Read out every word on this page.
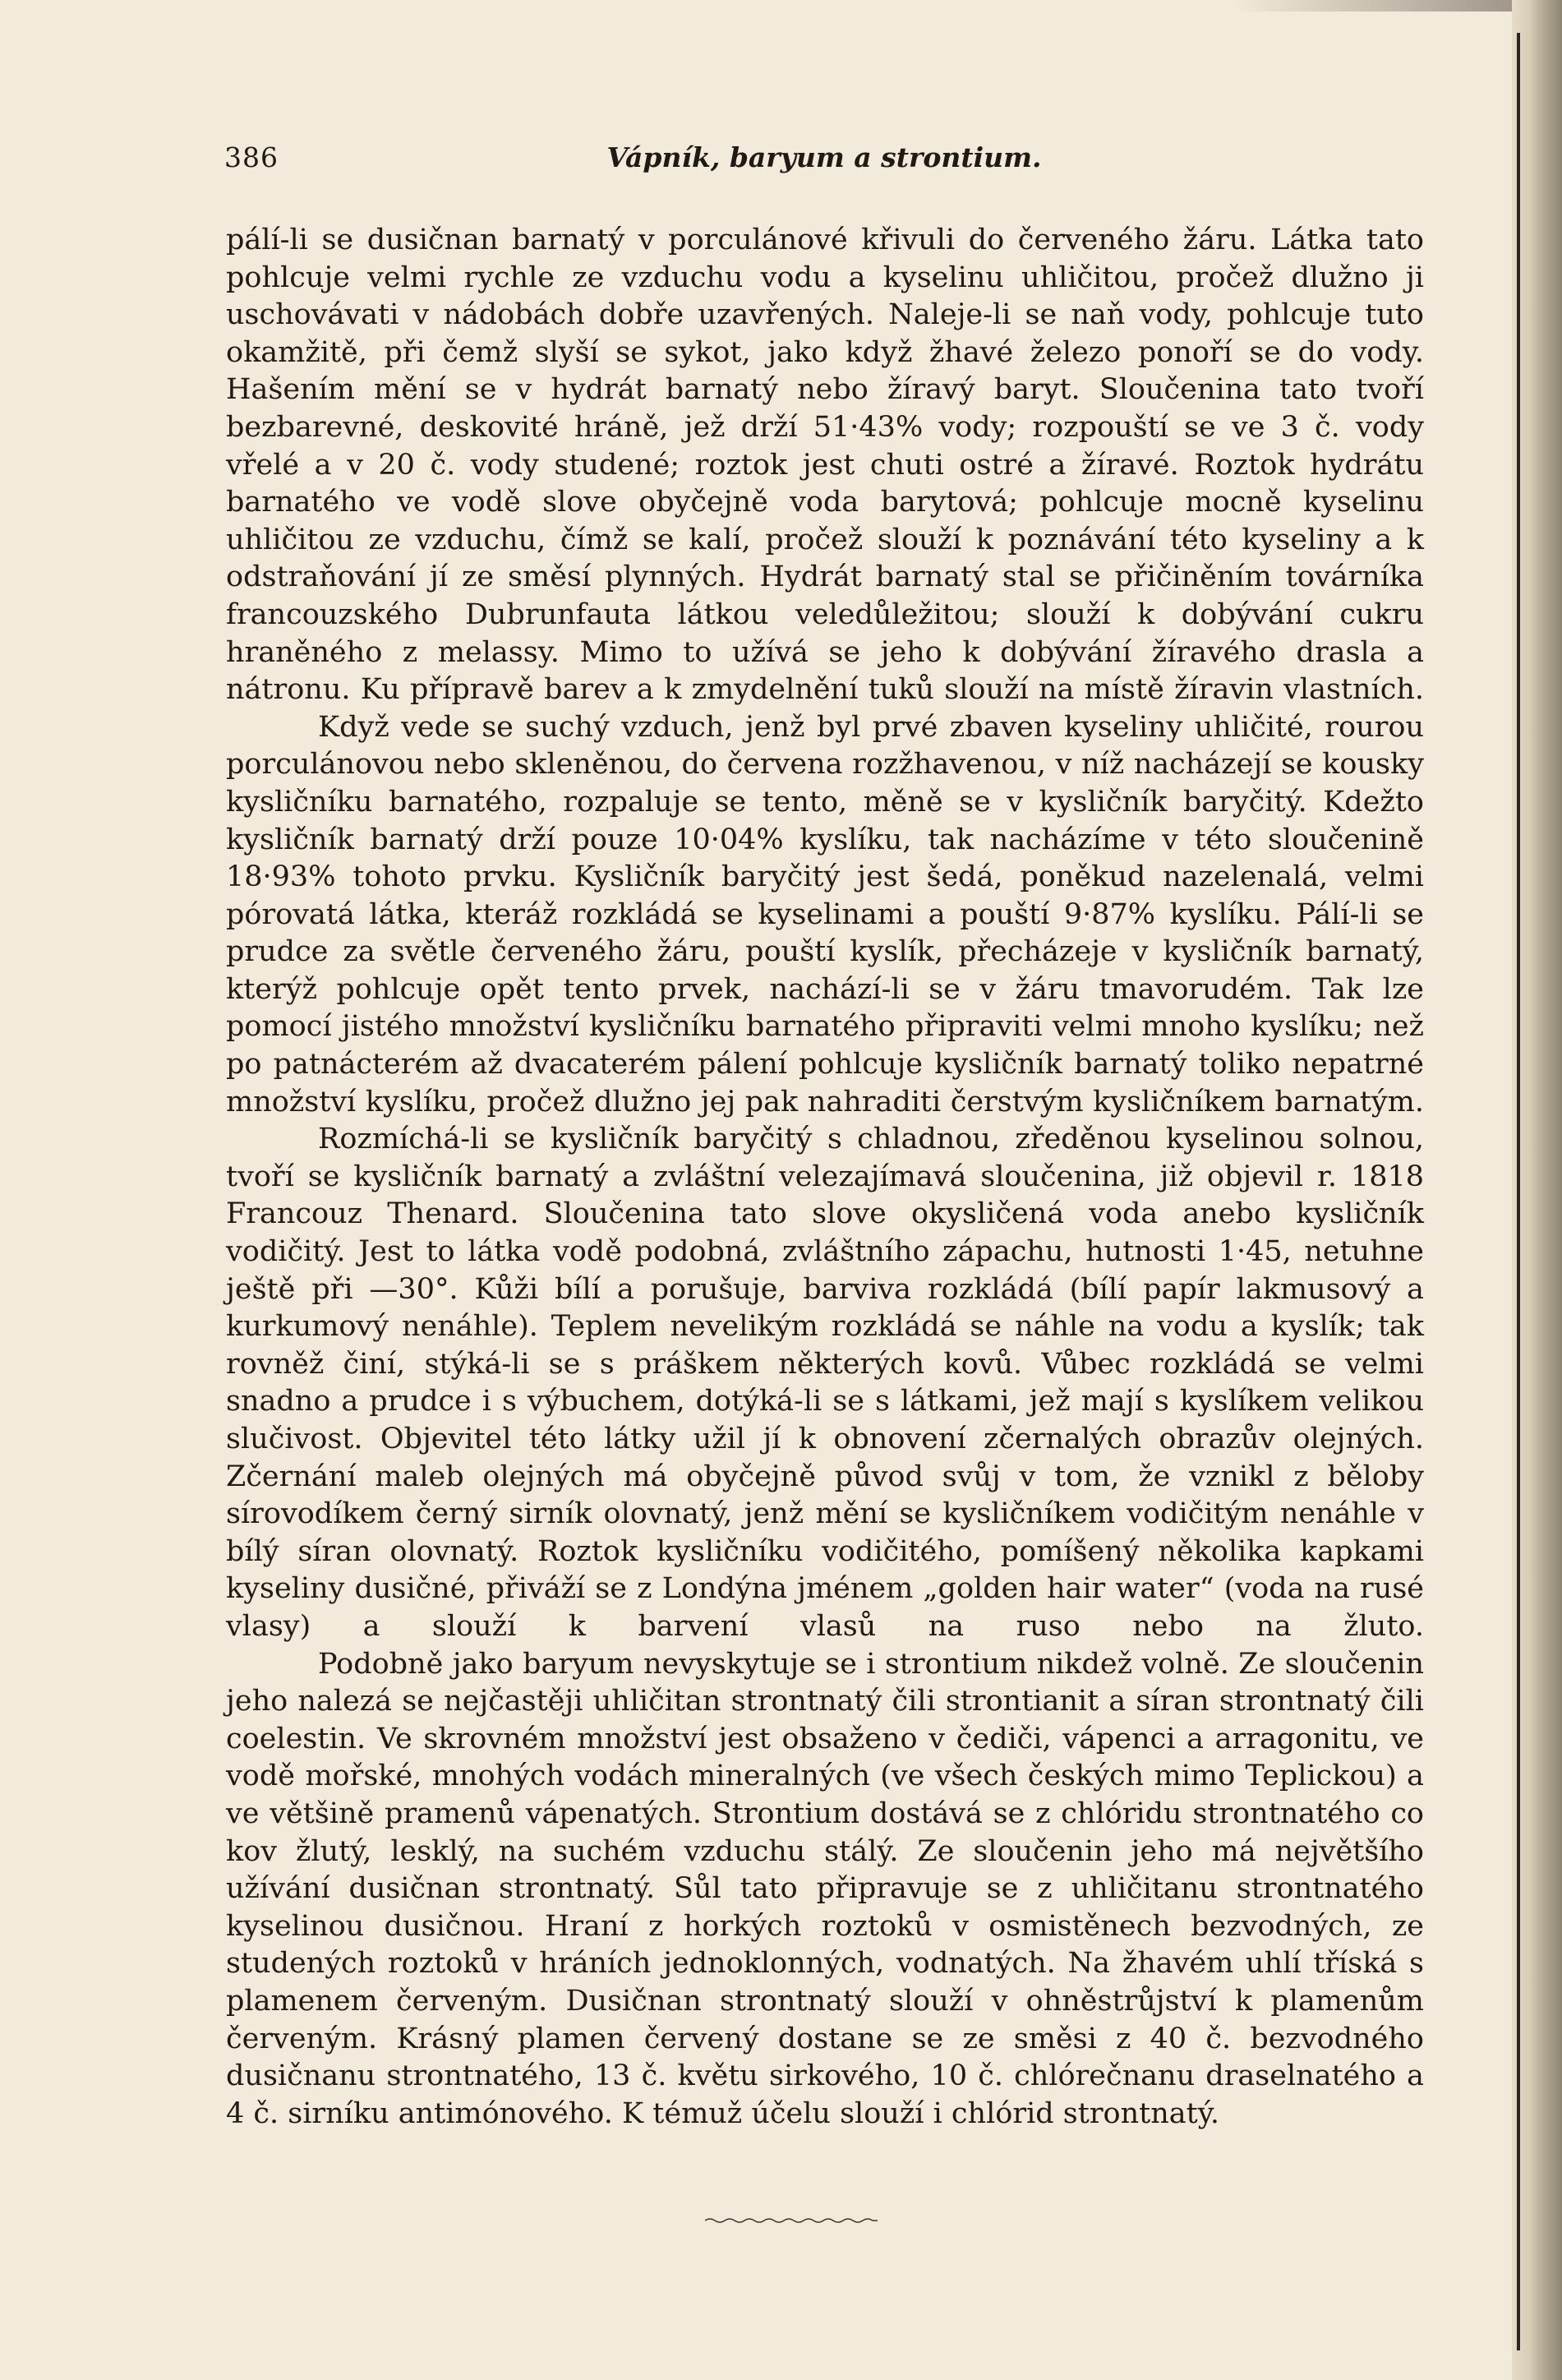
386	Vápník, baryum a strontium.

pálí-li se dusičnan barnatý v porculánové křivuli do červeného žáru. Látka tato pohlcuje velmi rychle ze vzduchu vodu a kyselinu uhličitou, pročež dlužno ji uschovávati v nádobách dobře uzavřených. Naleje-li se naň vody, pohlcuje tuto okamžitě, při čemž slyší se sykot, jako když žhavé železo ponoří se do vody. Hašením mění se v hydrát barnatý nebo žíravý baryt. Sloučenina tato tvoří bezbarevné, deskovité hráně, jež drží 51·43% vody; rozpouští se ve 3 č. vody vřelé a v 20 č. vody studené; roztok jest chuti ostré a žíravé. Roztok hydrátu barnatého ve vodě slove obyčejně voda barytová; pohlcuje mocně kyselinu uhličitou ze vzduchu, čímž se kalí, pročež slouží k poznávání této kyseliny a k odstraňování jí ze směsí plynných. Hydrát barnatý stal se přičiněním továrníka francouzského Dubrunfauta látkou veledůležitou; slouží k dobývání cukru hraněného z melassy. Mimo to užívá se jeho k dobývání žíravého drasla a nátronu. Ku přípravě barev a k zmydelnění tuků slouží na místě žíravin vlastních.

Když vede se suchý vzduch, jenž byl prvé zbaven kyseliny uhličité, rourou porculánovou nebo skleněnou, do červena rozžhavenou, v níž nacházejí se kousky kysličníku barnatého, rozpaluje se tento, měně se v kysličník baryčitý. Kdežto kysličník barnatý drží pouze 10·04% kyslíku, tak nacházíme v této sloučenině 18·93% tohoto prvku. Kysličník baryčitý jest šedá, poněkud nazelenalá, velmi pórovatá látka, kteráž rozkládá se kyselinami a pouští 9·87% kyslíku. Pálí-li se prudce za světle červeného žáru, pouští kyslík, přecházeje v kysličník barnatý, kterýž pohlcuje opět tento prvek, nachází-li se v žáru tmavorudém. Tak lze pomocí jistého množství kysličníku barnatého připraviti velmi mnoho kyslíku; než po patnácterém až dvacaterém pálení pohlcuje kysličník barnatý toliko nepatrné množství kyslíku, pročež dlužno jej pak nahraditi čerstvým kysličníkem barnatým.

Rozmíchá-li se kysličník baryčitý s chladnou, zředěnou kyselinou solnou, tvoří se kysličník barnatý a zvláštní velezajímavá sloučenina, již objevil r. 1818 Francouz Thenard. Sloučenina tato slove okysličená voda anebo kysličník vodičitý. Jest to látka vodě podobná, zvláštního zápachu, hutnosti 1·45, netuhne ještě při —30°. Kůži bílí a porušuje, barviva rozkládá (bílí papír lakmusový a kurkumový nenáhle). Teplem nevelikým rozkládá se náhle na vodu a kyslík; tak rovněž činí, stýká-li se s práškem některých kovů. Vůbec rozkládá se velmi snadno a prudce i s výbuchem, dotýká-li se s látkami, jež mají s kyslíkem velikou slučivost. Objevitel této látky užil jí k obnovení zčernalých obrazův olejných. Zčernání maleb olejných má obyčejně původ svůj v tom, že vznikl z běloby sírovodíkem černý sirník olovnatý, jenž mění se kysličníkem vodičitým nenáhle v bílý síran olovnatý. Roztok kysličníku vodičitého, pomíšený několika kapkami kyseliny dusičné, přiváží se z Londýna jménem „golden hair water“ (voda na rusé vlasy) a slouží k barvení vlasů na ruso nebo na žluto.

Podobně jako baryum nevyskytuje se i strontium nikdež volně. Ze sloučenin jeho nalezá se nejčastěji uhličitan strontnatý čili strontianit a síran strontnatý čili coelestin. Ve skrovném množství jest obsaženo v čediči, vápenci a arragonitu, ve vodě mořské, mnohých vodách mineralných (ve všech českých mimo Teplickou) a ve většině pramenů vápenatých. Strontium dostává se z chlóridu strontnatého co kov žlutý, lesklý, na suchém vzduchu stálý. Ze sloučenin jeho má největšího užívání dusičnan strontnatý. Sůl tato připravuje se z uhličitanu strontnatého kyselinou dusičnou. Hraní z horkých roztoků v osmistěnech bezvodných, ze studených roztoků v hráních jednoklonných, vodnatých. Na žhavém uhlí tříská s plamenem červeným. Dusičnan strontnatý slouží v ohněstrůjství k plamenům červeným. Krásný plamen červený dostane se ze směsi z 40 č. bezvodného dusičnanu strontnatého, 13 č. květu sirkového, 10 č. chlórečnanu draselnatého a 4 č. sirníku antimónového. K témuž účelu slouží i chlórid strontnatý.
